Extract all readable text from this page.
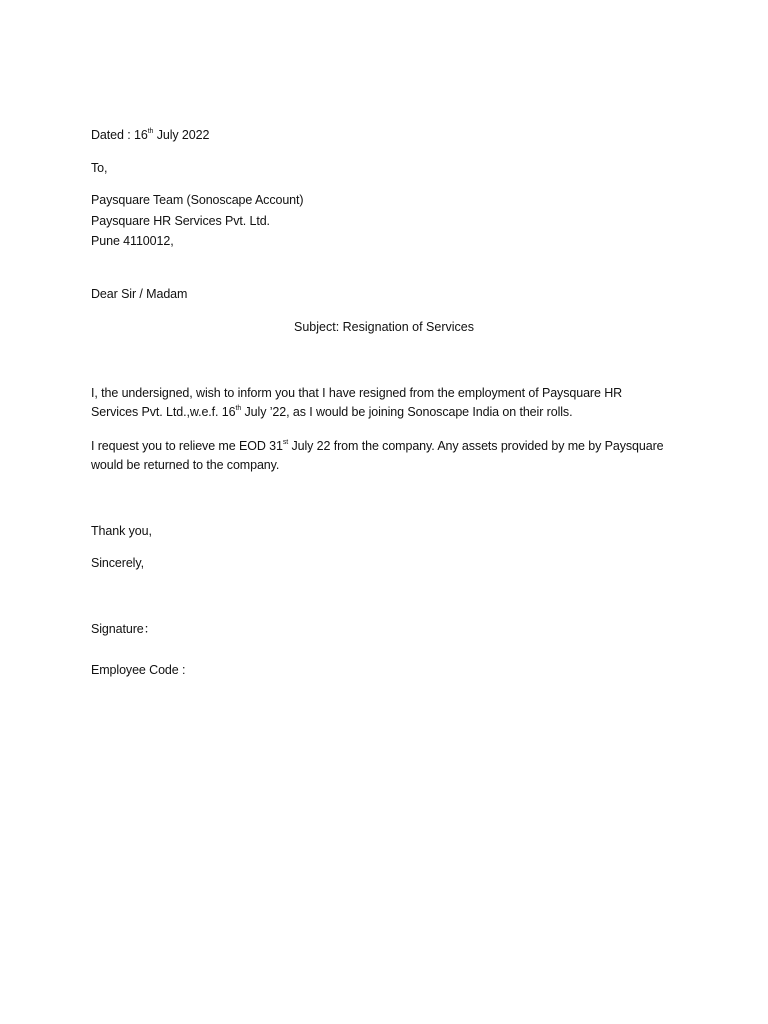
Dated : 16th July 2022
To,
Paysquare Team (Sonoscape Account)
Paysquare HR Services Pvt. Ltd.
Pune 4110012,
Dear Sir / Madam
Subject: Resignation of Services
I, the undersigned, wish to inform you that I have resigned from the employment of Paysquare HR
Services Pvt. Ltd.,w.e.f. 16th July ’22, as I would be joining Sonoscape India on their rolls.
I request you to relieve me EOD 31st July 22 from the company. Any assets provided by me by Paysquare
would be returned to the company.
Thank you,
Sincerely,
Signature：
Employee Code :
